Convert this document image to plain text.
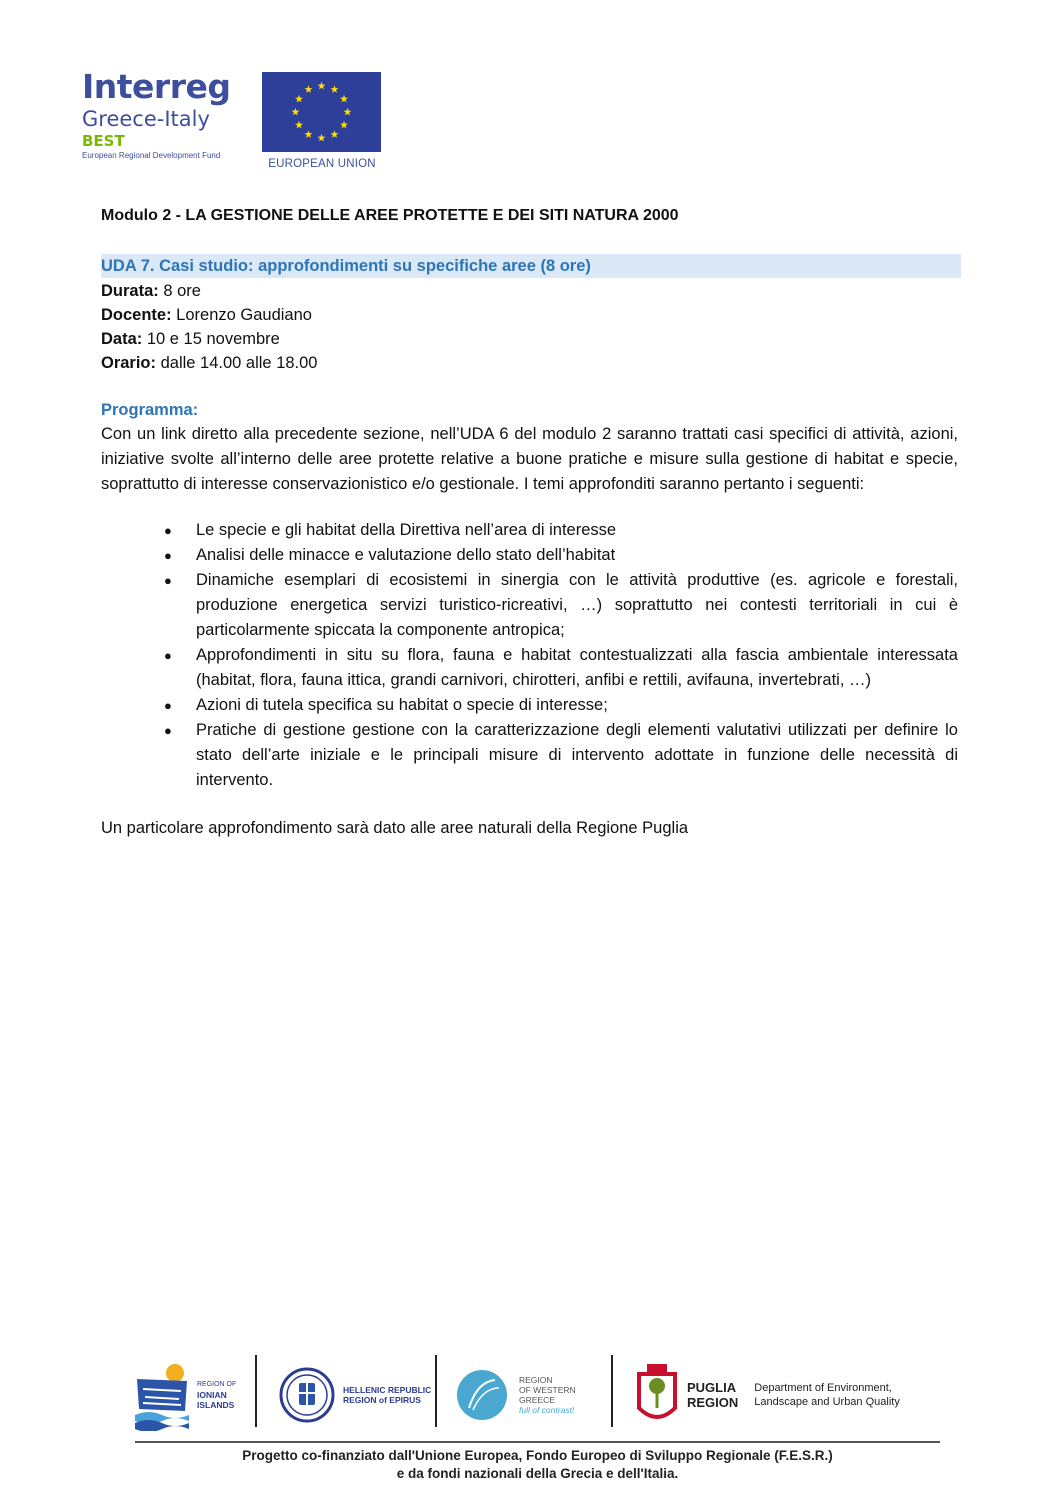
Interreg
Greece-Italy
BEST
European Regional Development Fund
EUROPEAN UNION
Modulo 2 - LA GESTIONE DELLE AREE PROTETTE E DEI SITI NATURA 2000
UDA 7. Casi studio: approfondimenti su specifiche aree (8 ore)
Durata: 8 ore
Docente: Lorenzo Gaudiano
Data: 10 e 15 novembre
Orario: dalle 14.00 alle 18.00
Programma:

Con un link diretto alla precedente sezione, nell’UDA 6 del modulo 2 saranno trattati casi specifici di attività, azioni, iniziative svolte all’interno delle aree protette relative a buone pratiche e misure sulla gestione di habitat e specie, soprattutto di interesse conservazionistico e/o gestionale. I temi approfonditi saranno pertanto i seguenti:

● Le specie e gli habitat della Direttiva nell’area di interesse
● Analisi delle minacce e valutazione dello stato dell’habitat
● Dinamiche esemplari di ecosistemi in sinergia con le attività produttive (es. agricole e forestali, produzione energetica servizi turistico-ricreativi, …) soprattutto nei contesti territoriali in cui è particolarmente spiccata la componente antropica;
● Approfondimenti in situ su flora, fauna e habitat contestualizzati alla fascia ambientale interessata (habitat, flora, fauna ittica, grandi carnivori, chirotteri, anfibi e rettili, avifauna, invertebrati, …)
● Azioni di tutela specifica su habitat o specie di interesse;
● Pratiche di gestione gestione con la caratterizzazione degli elementi valutativi utilizzati per definire lo stato dell’arte iniziale e le principali misure di intervento adottate in funzione delle necessità di intervento.
Un particolare approfondimento sarà dato alle aree naturali della Regione Puglia
REGION OF
IONIAN
ISLANDS
HELLENIC REPUBLIC
REGION of EPIRUS
REGION
OF WESTERN
GREECE
full of contrast!
PUGLIA
REGION
Department of Environment,
Landscape and Urban Quality
Progetto co-finanziato dall'Unione Europea, Fondo Europeo di Sviluppo Regionale (F.E.S.R.)
e da fondi nazionali della Grecia e dell'Italia.
